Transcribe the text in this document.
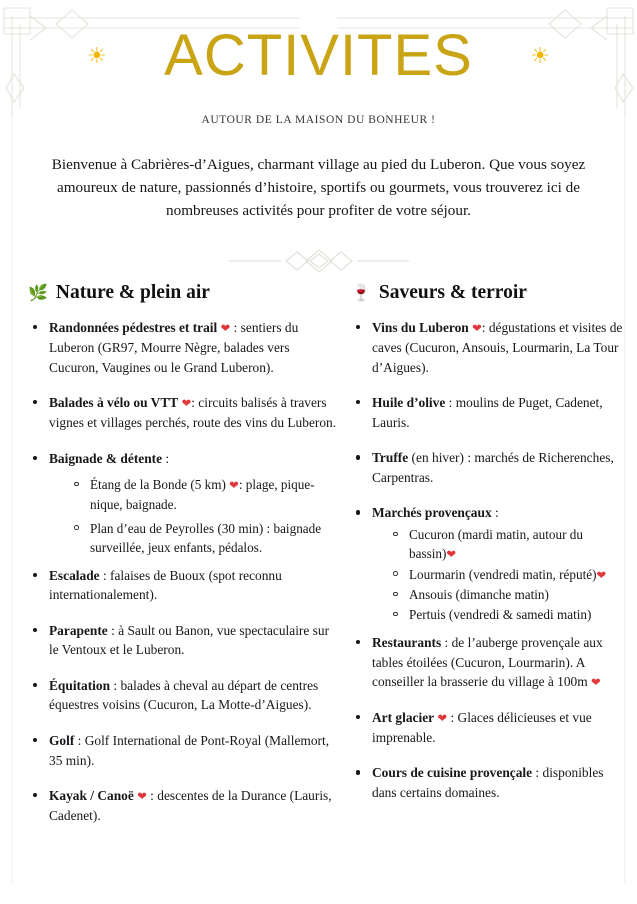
☀ ACTIVITES	☀
AUTOUR DE LA MAISON DU BONHEUR !

Bienvenue à Cabrières-d’Aigues, charmant village au pied du Luberon. Que vous soyez amoureux de nature, passionnés d’histoire, sportifs ou gourmets, vous trouverez ici de nombreuses activités pour profiter de votre séjour.

🌿 Nature & plein air
Randonnées pédestres et trail ❤ : sentiers du Luberon (GR97, Mourre Nègre, balades vers Cucuron, Vaugines ou le Grand Luberon).
Balades à vélo ou VTT ❤: circuits balisés à travers vignes et villages perchés, route des vins du Luberon.
Baignade & détente :
Étang de la Bonde (5 km) ❤: plage, pique-nique, baignade.
Plan d’eau de Peyrolles (30 min) : baignade surveillée, jeux enfants, pédalos.
Escalade : falaises de Buoux (spot reconnu internationalement).
Parapente : à Sault ou Banon, vue spectaculaire sur le Ventoux et le Luberon.
Équitation : balades à cheval au départ de centres équestres voisins (Cucuron, La Motte-d’Aigues).
Golf : Golf International de Pont-Royal (Mallemort, 35 min).
Kayak / Canoë ❤ : descentes de la Durance (Lauris, Cadenet).
🍷 Saveurs & terroir
Vins du Luberon ❤: dégustations et visites de caves (Cucuron, Ansouis, Lourmarin, La Tour d’Aigues).
Huile d’olive : moulins de Puget, Cadenet, Lauris.
Truffe (en hiver) : marchés de Richerenches, Carpentras.
Marchés provençaux :
Cucuron (mardi matin, autour du bassin)❤
Lourmarin (vendredi matin, réputé)❤
Ansouis (dimanche matin)
Pertuis (vendredi & samedi matin)
Restaurants : de l’auberge provençale aux tables étoilées (Cucuron, Lourmarin). A conseiller la brasserie du village à 100m ❤
Art glacier ❤ : Glaces délicieuses et vue imprenable.
Cours de cuisine provençale : disponibles dans certains domaines.
